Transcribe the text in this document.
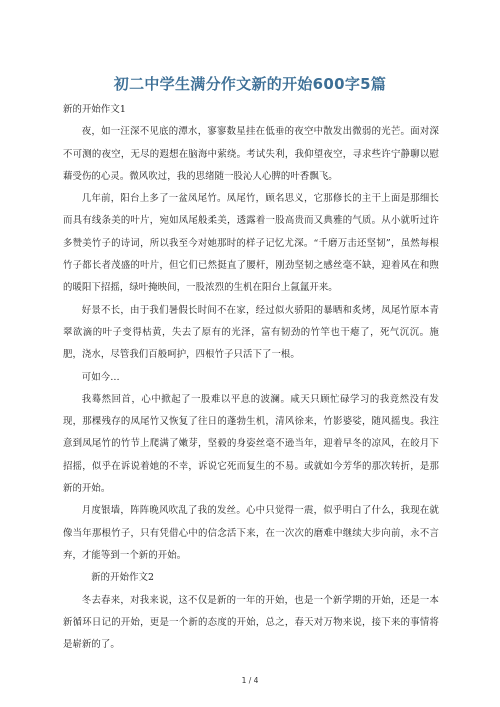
初二中学生满分作文新的开始600字5篇

新的开始作文1

夜，如一汪深不见底的潭水，寥寥数星挂在低垂的夜空中散发出微弱的光芒。面对深不可测的夜空，无尽的遐想在脑海中萦绕。考试失利，我仰望夜空，寻求些许宁静聊以慰藉受伤的心灵。微风吹过，我的思绪随一股沁人心脾的叶香飘飞。

几年前，阳台上多了一盆凤尾竹。凤尾竹，顾名思义，它那修长的主干上面是那细长而具有线条美的叶片，宛如凤尾般柔美，透露着一股高贵而又典雅的气质。从小就听过许多赞美竹子的诗词，所以我至今对她那时的样子记忆尤深。“千磨万击还坚韧”，虽然每根竹子都长者茂盛的叶片，但它们已然挺直了腰杆，刚劲坚韧之感丝毫不缺，迎着风在和煦的暖阳下招摇，绿叶掩映间，一股浓烈的生机在阳台上氤氲开来。

好景不长，由于我们暑假长时间不在家，经过似火骄阳的暴晒和炙烤，凤尾竹原本青翠欲滴的叶子变得枯黄，失去了原有的光泽，富有韧劲的竹竿也干瘪了，死气沉沉。施肥，浇水，尽管我们百般呵护，四根竹子只活下了一根。

可如今…

我蓦然回首，心中掀起了一股难以平息的波澜。咸天只顾忙碌学习的我竟然没有发现，那棵残存的凤尾竹又恢复了往日的蓬勃生机，清风徐来，竹影婆娑，随风摇曳。我注意到凤尾竹的竹节上爬满了嫩芽，坚毅的身姿丝毫不逊当年，迎着早冬的凉风，在皎月下招摇，似乎在诉说着她的不幸，诉说它死而复生的不易。或就如今芳华的那次转折，是那新的开始。

月度银墙，阵阵晚风吹乱了我的发丝。心中只觉得一震，似乎明白了什么，我现在就像当年那根竹子，只有凭借心中的信念活下来，在一次次的磨难中继续大步向前，永不言弃，才能等到一个新的开始。

新的开始作文2

冬去春来，对我来说，这不仅是新的一年的开始，也是一个新学期的开始，还是一本新循环日记的开始，更是一个新的态度的开始，总之，春天对万物来说，接下来的事情将是崭新的了。

1 / 4
